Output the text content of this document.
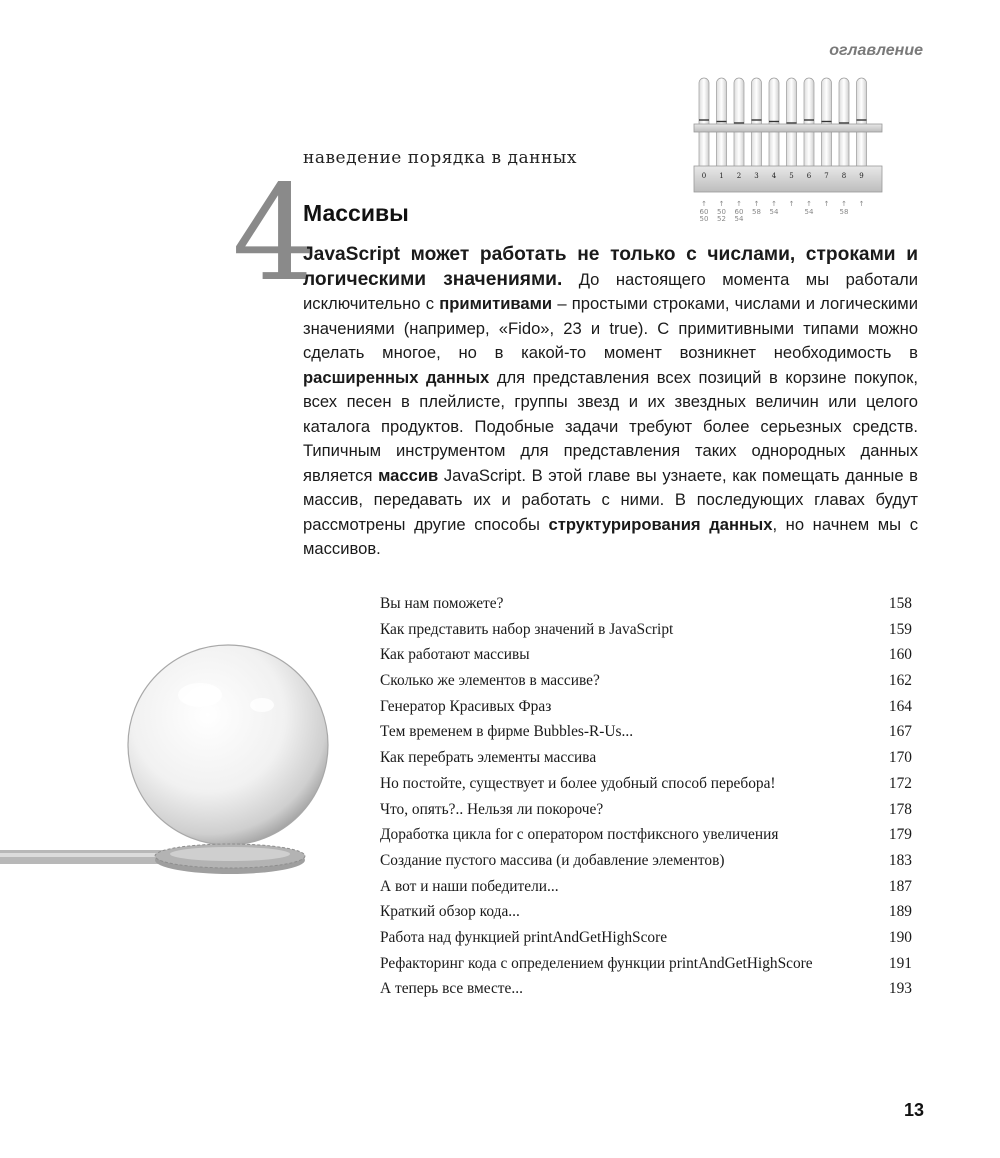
оглавление
0 1 2 3 4 5 6 7 8 9
↑
60
50
↑
50
52
↑
60
54
↑
58
↑
54
↑ ↑
54
↑ ↑
58
↑
наведение порядка в данных
4
Массивы
JavaScript может работать не только с числами, строками и логическими значениями. До настоящего момента мы работали исключительно с примитивами – простыми строками, числами и логическими значениями (например, «Fido», 23 и true). С примитивными типами можно сделать многое, но в какой-то момент возникнет необходимость в расширенных данных для представления всех позиций в корзине покупок, всех песен в плейлисте, группы звезд и их звездных величин или целого каталога продуктов. Подобные задачи требуют более серьезных средств. Типичным инструментом для представления таких однородных данных является массив JavaScript. В этой главе вы узнаете, как помещать данные в массив, передавать их и работать с ними. В последующих главах будут рассмотрены другие способы структурирования данных, но начнем мы с массивов.
Вы нам поможете?	158
Как представить набор значений в JavaScript	159
Как работают массивы	160
Сколько же элементов в массиве?	162
Генератор Красивых Фраз	164
Тем временем в фирме Bubbles-R-Us...	167
Как перебрать элементы массива	170
Но постойте, существует и более удобный способ перебора!	172
Что, опять?.. Нельзя ли покороче?	178
Доработка цикла for с оператором постфиксного увеличения	179
Создание пустого массива (и добавление элементов)	183
А вот и наши победители...	187
Краткий обзор кода...	189
Работа над функцией printAndGetHighScore	190
Рефакторинг кода с определением функции printAndGetHighScore	191
А теперь все вместе...	193
13
